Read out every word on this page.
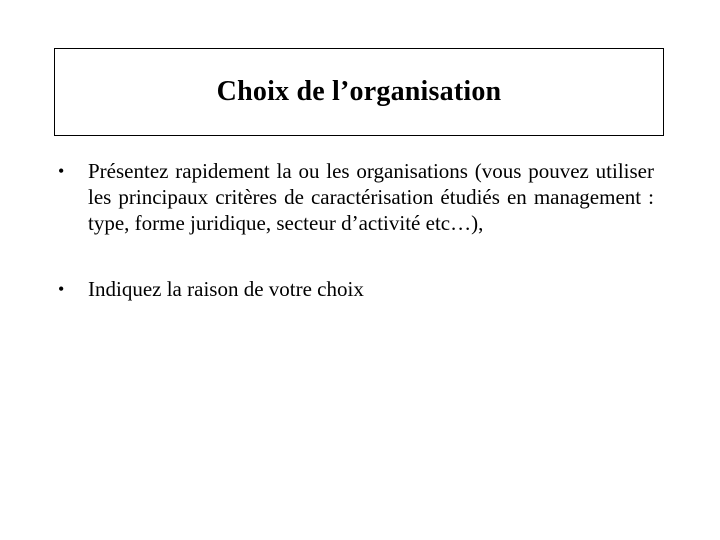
Choix de l’organisation
•	Présentez rapidement la ou les organisations (vous pouvez utiliser les principaux critères de caractérisation étudiés en management : type, forme juridique, secteur d’activité etc…),
•	Indiquez la raison de votre choix
